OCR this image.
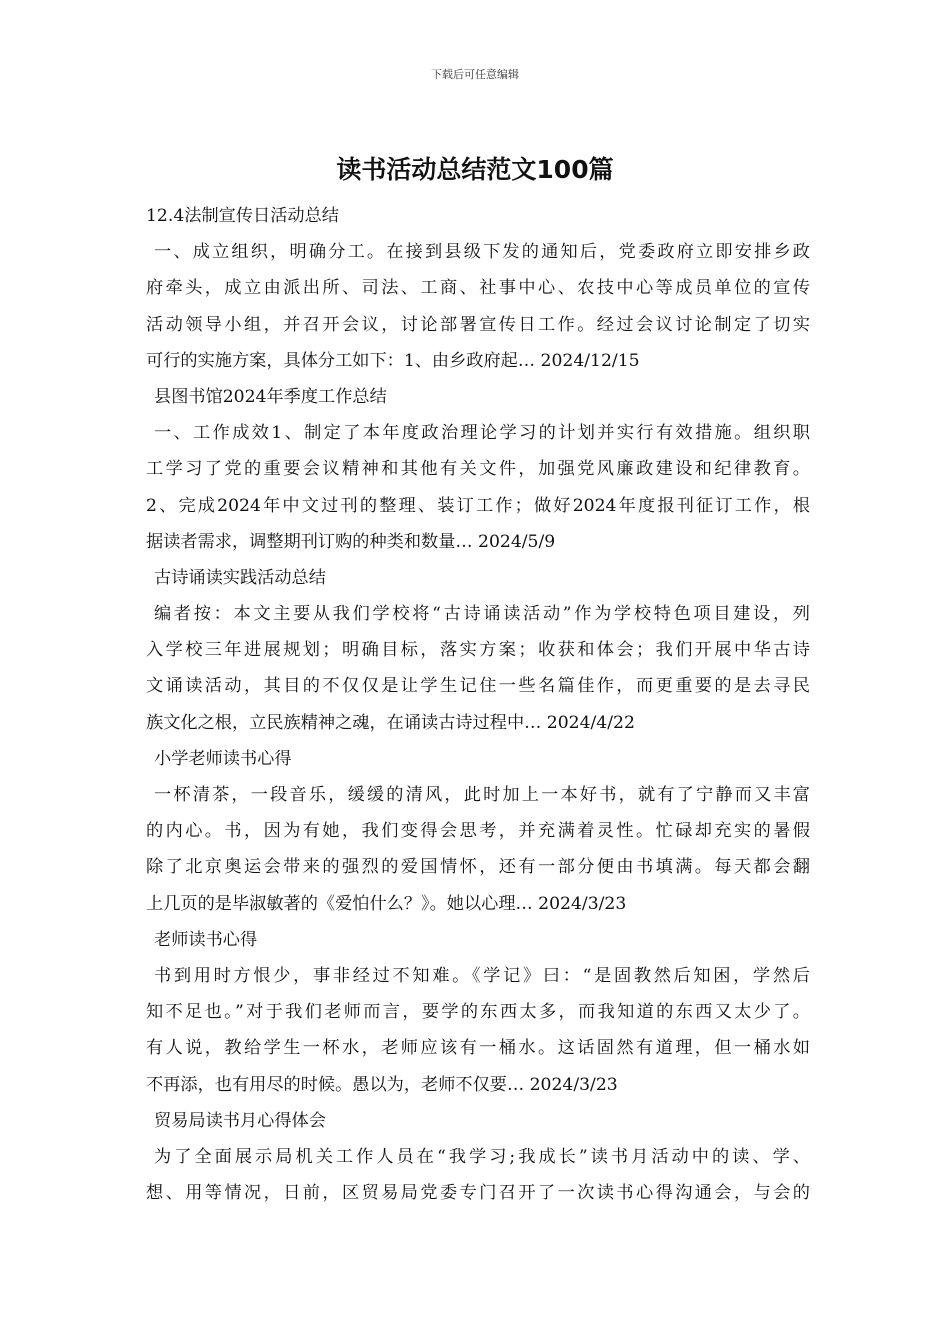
下载后可任意编辑
读书活动总结范文100篇
12.4法制宣传日活动总结
一、成立组织，明确分工。在接到县级下发的通知后，党委政府立即安排乡政
府牵头，成立由派出所、司法、工商、社事中心、农技中心等成员单位的宣传
活动领导小组，并召开会议，讨论部署宣传日工作。经过会议讨论制定了切实
可行的实施方案，具体分工如下：1、由乡政府起… 2024/12/15
县图书馆2024年季度工作总结
一、工作成效1、制定了本年度政治理论学习的计划并实行有效措施。组织职
工学习了党的重要会议精神和其他有关文件，加强党风廉政建设和纪律教育。
2、完成2024年中文过刊的整理、装订工作；做好2024年度报刊征订工作，根
据读者需求，调整期刊订购的种类和数量… 2024/5/9
古诗诵读实践活动总结
编者按：本文主要从我们学校将“古诗诵读活动”作为学校特色项目建设，列
入学校三年进展规划；明确目标，落实方案；收获和体会；我们开展中华古诗
文诵读活动，其目的不仅仅是让学生记住一些名篇佳作，而更重要的是去寻民
族文化之根，立民族精神之魂，在诵读古诗过程中… 2024/4/22
小学老师读书心得
一杯清茶，一段音乐，缓缓的清风，此时加上一本好书，就有了宁静而又丰富
的内心。书，因为有她，我们变得会思考，并充满着灵性。忙碌却充实的暑假
除了北京奥运会带来的强烈的爱国情怀，还有一部分便由书填满。每天都会翻
上几页的是毕淑敏著的《爱怕什么？》。她以心理… 2024/3/23
老师读书心得
书到用时方恨少，事非经过不知难。《学记》曰：“是固教然后知困，学然后
知不足也。”对于我们老师而言，要学的东西太多，而我知道的东西又太少了。
有人说，教给学生一杯水，老师应该有一桶水。这话固然有道理，但一桶水如
不再添，也有用尽的时候。愚以为，老师不仅要… 2024/3/23
贸易局读书月心得体会
为了全面展示局机关工作人员在“我学习;我成长”读书月活动中的读、学、
想、用等情况，日前，区贸易局党委专门召开了一次读书心得沟通会，与会的
